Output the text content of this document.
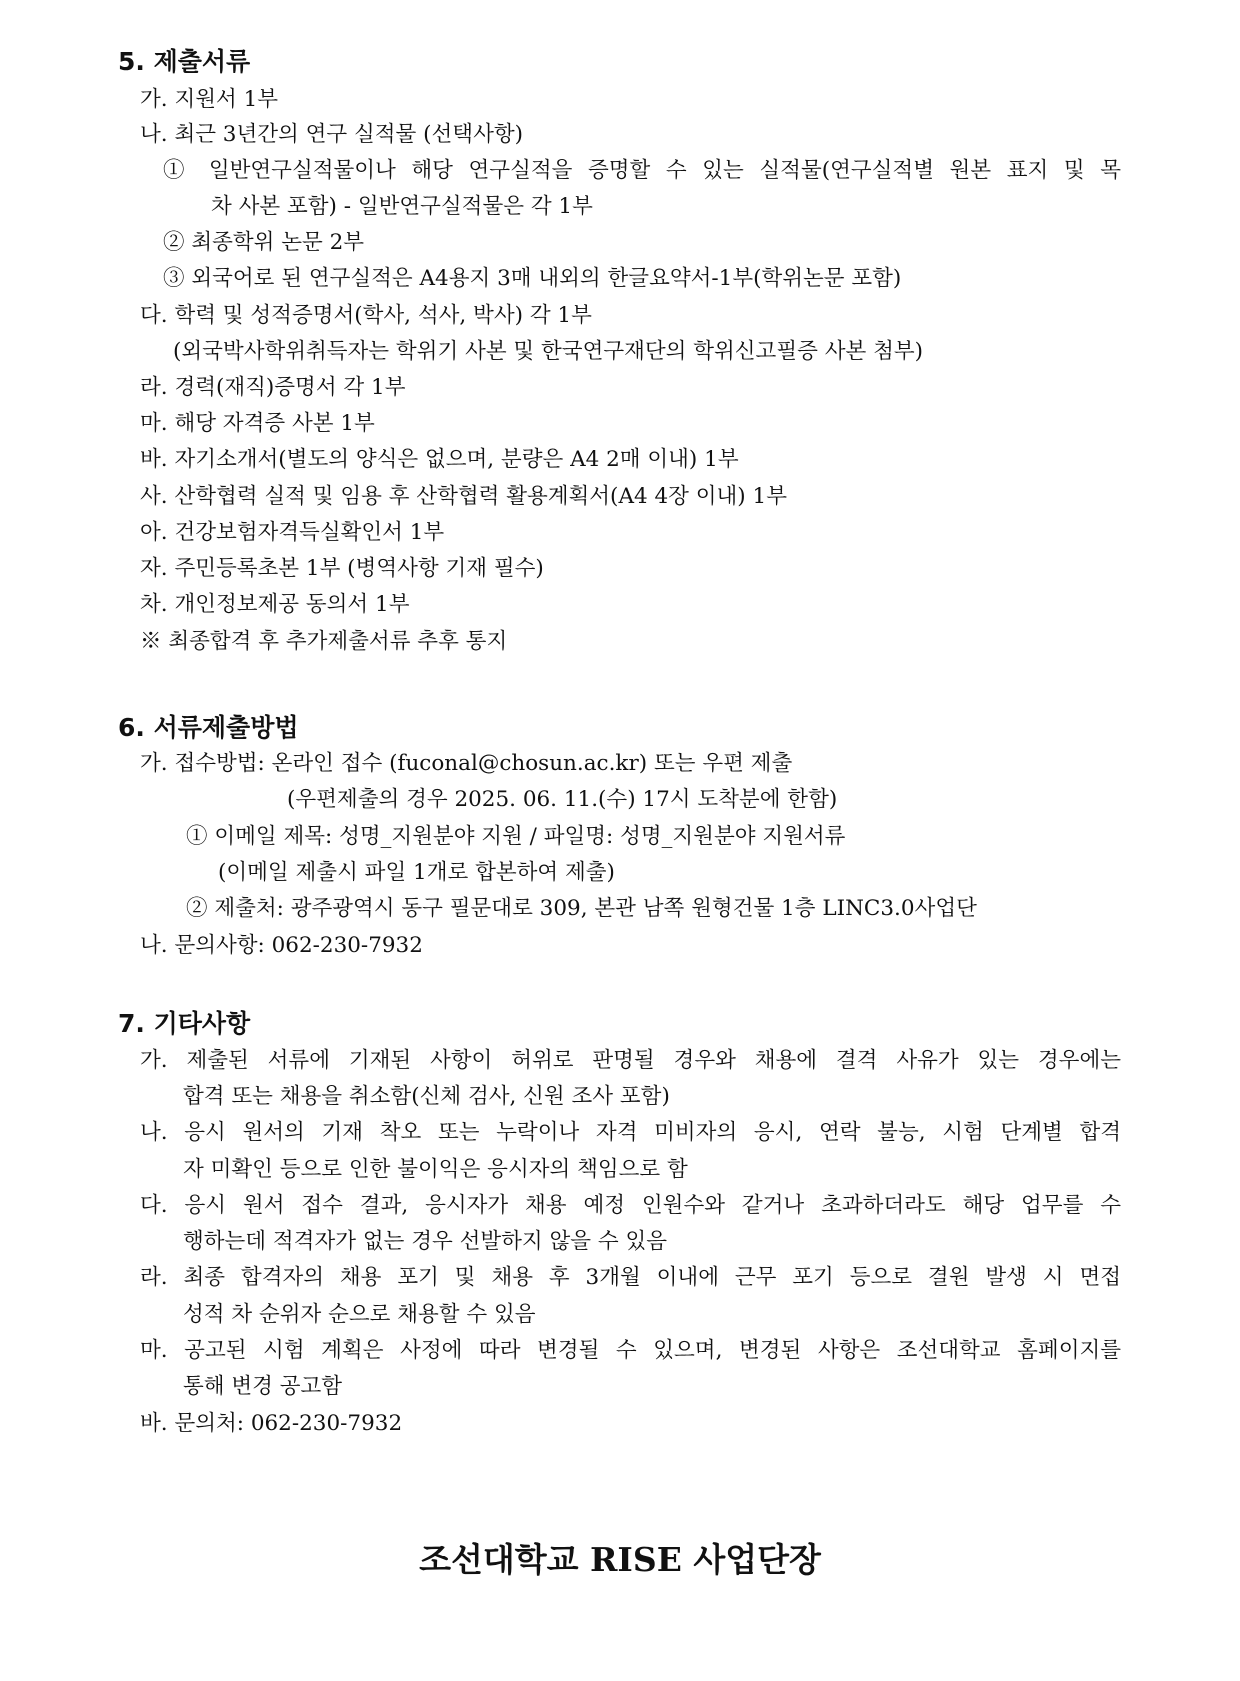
5. 제출서류
가. 지원서 1부
나. 최근 3년간의 연구 실적물 (선택사항)
① 일반연구실적물이나 해당 연구실적을 증명할 수 있는 실적물(연구실적별 원본 표지 및 목
차 사본 포함) - 일반연구실적물은 각 1부
② 최종학위 논문 2부
③ 외국어로 된 연구실적은 A4용지 3매 내외의 한글요약서-1부(학위논문 포함)
다. 학력 및 성적증명서(학사, 석사, 박사) 각 1부
(외국박사학위취득자는 학위기 사본 및 한국연구재단의 학위신고필증 사본 첨부)
라. 경력(재직)증명서 각 1부
마. 해당 자격증 사본 1부
바. 자기소개서(별도의 양식은 없으며, 분량은 A4 2매 이내) 1부
사. 산학협력 실적 및 임용 후 산학협력 활용계획서(A4 4장 이내) 1부
아. 건강보험자격득실확인서 1부
자. 주민등록초본 1부 (병역사항 기재 필수)
차. 개인정보제공 동의서 1부
※ 최종합격 후 추가제출서류 추후 통지
6. 서류제출방법
가. 접수방법: 온라인 접수 (fuconal@chosun.ac.kr) 또는 우편 제출
(우편제출의 경우 2025. 06. 11.(수) 17시 도착분에 한함)
① 이메일 제목: 성명_지원분야 지원 / 파일명: 성명_지원분야 지원서류
(이메일 제출시 파일 1개로 합본하여 제출)
② 제출처: 광주광역시 동구 필문대로 309, 본관 남쪽 원형건물 1층 LINC3.0사업단
나. 문의사항: 062-230-7932
7. 기타사항
가. 제출된 서류에 기재된 사항이 허위로 판명될 경우와 채용에 결격 사유가 있는 경우에는
합격 또는 채용을 취소함(신체 검사, 신원 조사 포함)
나. 응시 원서의 기재 착오 또는 누락이나 자격 미비자의 응시, 연락 불능, 시험 단계별 합격
자 미확인 등으로 인한 불이익은 응시자의 책임으로 함
다. 응시 원서 접수 결과, 응시자가 채용 예정 인원수와 같거나 초과하더라도 해당 업무를 수
행하는데 적격자가 없는 경우 선발하지 않을 수 있음
라. 최종 합격자의 채용 포기 및 채용 후 3개월 이내에 근무 포기 등으로 결원 발생 시 면접
성적 차 순위자 순으로 채용할 수 있음
마. 공고된 시험 계획은 사정에 따라 변경될 수 있으며, 변경된 사항은 조선대학교 홈페이지를
통해 변경 공고함
바. 문의처: 062-230-7932
조선대학교 RISE 사업단장
